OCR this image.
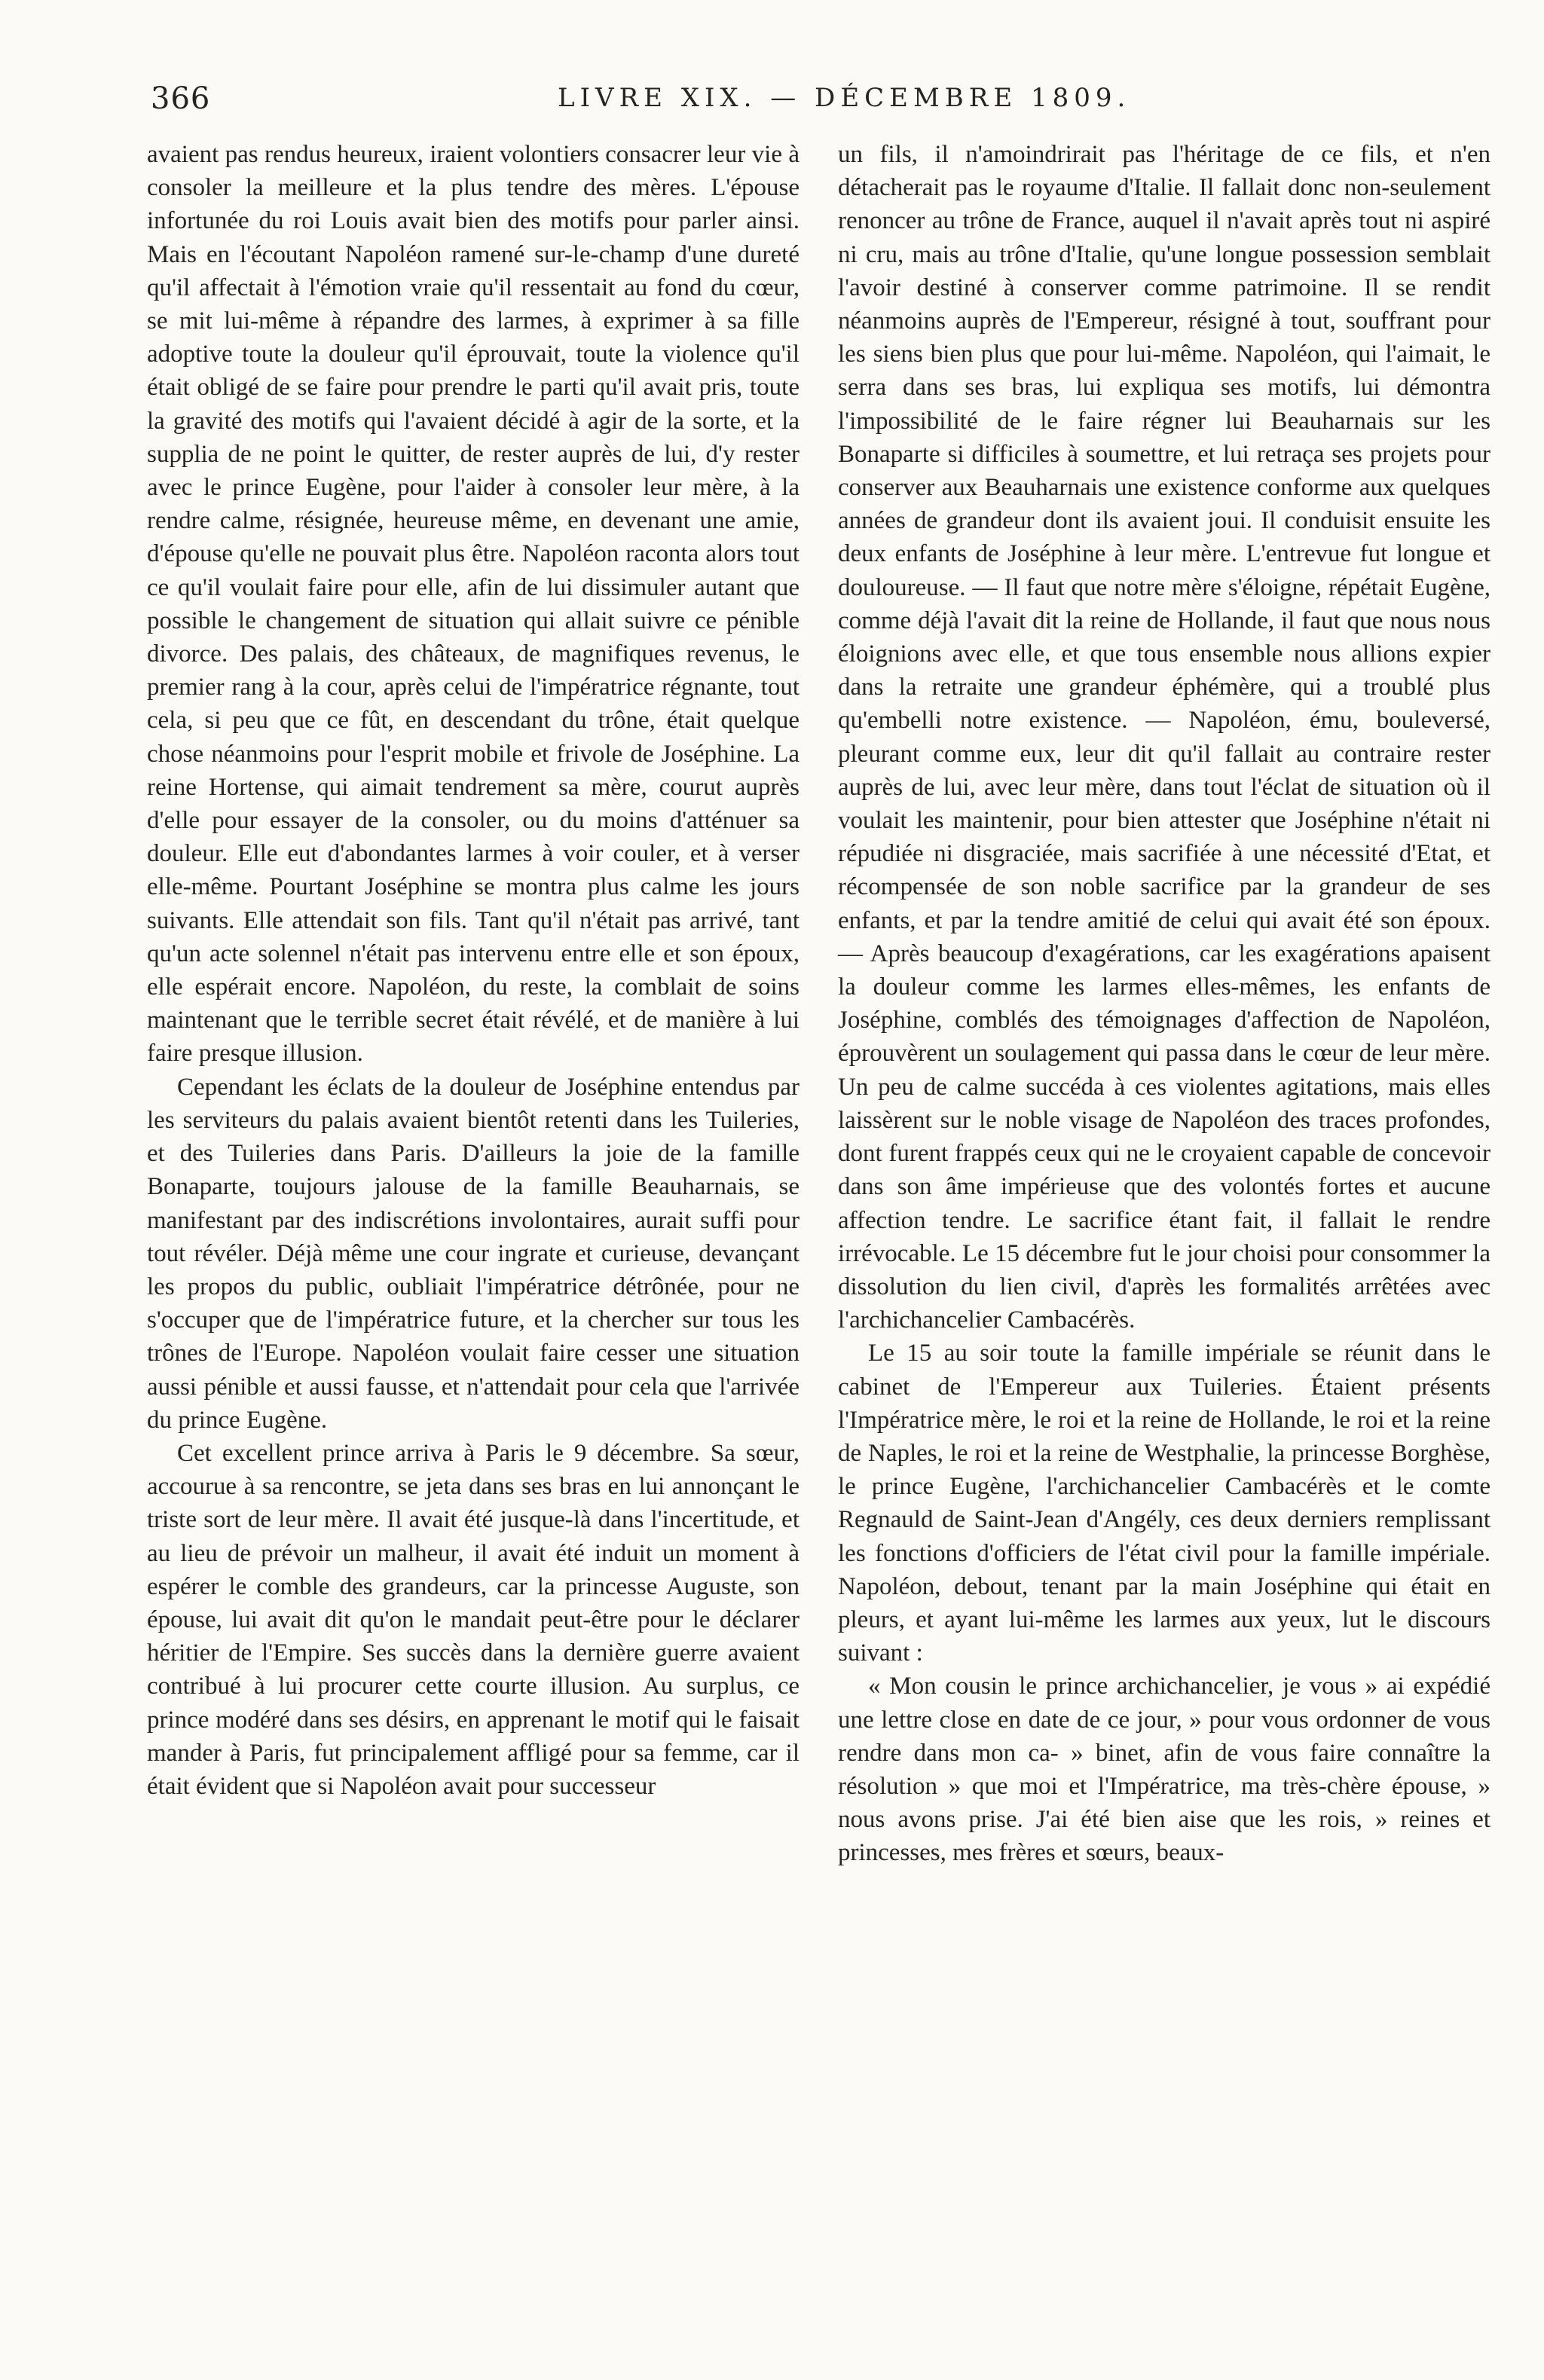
366	LIVRE XIX. — DÉCEMBRE 1809.

avaient pas rendus heureux, iraient volontiers consacrer leur vie à consoler la meilleure et la plus tendre des mères. L'épouse infortunée du roi Louis avait bien des motifs pour parler ainsi. Mais en l'écoutant Napoléon ramené sur-le-champ d'une dureté qu'il affectait à l'émotion vraie qu'il ressentait au fond du cœur, se mit lui-même à répandre des larmes, à exprimer à sa fille adoptive toute la douleur qu'il éprouvait, toute la violence qu'il était obligé de se faire pour prendre le parti qu'il avait pris, toute la gravité des motifs qui l'avaient décidé à agir de la sorte, et la supplia de ne point le quitter, de rester auprès de lui, d'y rester avec le prince Eugène, pour l'aider à consoler leur mère, à la rendre calme, résignée, heureuse même, en devenant une amie, d'épouse qu'elle ne pouvait plus être. Napoléon raconta alors tout ce qu'il voulait faire pour elle, afin de lui dissimuler autant que possible le changement de situation qui allait suivre ce pénible divorce. Des palais, des châteaux, de magnifiques revenus, le premier rang à la cour, après celui de l'impératrice régnante, tout cela, si peu que ce fût, en descendant du trône, était quelque chose néanmoins pour l'esprit mobile et frivole de Joséphine. La reine Hortense, qui aimait tendrement sa mère, courut auprès d'elle pour essayer de la consoler, ou du moins d'atténuer sa douleur. Elle eut d'abondantes larmes à voir couler, et à verser elle-même. Pourtant Joséphine se montra plus calme les jours suivants. Elle attendait son fils. Tant qu'il n'était pas arrivé, tant qu'un acte solennel n'était pas intervenu entre elle et son époux, elle espérait encore. Napoléon, du reste, la comblait de soins maintenant que le terrible secret était révélé, et de manière à lui faire presque illusion.

Cependant les éclats de la douleur de Joséphine entendus par les serviteurs du palais avaient bientôt retenti dans les Tuileries, et des Tuileries dans Paris. D'ailleurs la joie de la famille Bonaparte, toujours jalouse de la famille Beauharnais, se manifestant par des indiscrétions involontaires, aurait suffi pour tout révéler. Déjà même une cour ingrate et curieuse, devançant les propos du public, oubliait l'impératrice détrônée, pour ne s'occuper que de l'impératrice future, et la chercher sur tous les trônes de l'Europe. Napoléon voulait faire cesser une situation aussi pénible et aussi fausse, et n'attendait pour cela que l'arrivée du prince Eugène.

Cet excellent prince arriva à Paris le 9 décembre. Sa sœur, accourue à sa rencontre, se jeta dans ses bras en lui annonçant le triste sort de leur mère. Il avait été jusque-là dans l'incertitude, et au lieu de prévoir un malheur, il avait été induit un moment à espérer le comble des grandeurs, car la princesse Auguste, son épouse, lui avait dit qu'on le mandait peut-être pour le déclarer héritier de l'Empire. Ses succès dans la dernière guerre avaient contribué à lui procurer cette courte illusion. Au surplus, ce prince modéré dans ses désirs, en apprenant le motif qui le faisait mander à Paris, fut principalement affligé pour sa femme, car il était évident que si Napoléon avait pour successeur

un fils, il n'amoindrirait pas l'héritage de ce fils, et n'en détacherait pas le royaume d'Italie. Il fallait donc non-seulement renoncer au trône de France, auquel il n'avait après tout ni aspiré ni cru, mais au trône d'Italie, qu'une longue possession semblait l'avoir destiné à conserver comme patrimoine. Il se rendit néanmoins auprès de l'Empereur, résigné à tout, souffrant pour les siens bien plus que pour lui-même. Napoléon, qui l'aimait, le serra dans ses bras, lui expliqua ses motifs, lui démontra l'impossibilité de le faire régner lui Beauharnais sur les Bonaparte si difficiles à soumettre, et lui retraça ses projets pour conserver aux Beauharnais une existence conforme aux quelques années de grandeur dont ils avaient joui. Il conduisit ensuite les deux enfants de Joséphine à leur mère. L'entrevue fut longue et douloureuse. — Il faut que notre mère s'éloigne, répétait Eugène, comme déjà l'avait dit la reine de Hollande, il faut que nous nous éloignions avec elle, et que tous ensemble nous allions expier dans la retraite une grandeur éphémère, qui a troublé plus qu'embelli notre existence. — Napoléon, ému, bouleversé, pleurant comme eux, leur dit qu'il fallait au contraire rester auprès de lui, avec leur mère, dans tout l'éclat de situation où il voulait les maintenir, pour bien attester que Joséphine n'était ni répudiée ni disgraciée, mais sacrifiée à une nécessité d'Etat, et récompensée de son noble sacrifice par la grandeur de ses enfants, et par la tendre amitié de celui qui avait été son époux. — Après beaucoup d'exagérations, car les exagérations apaisent la douleur comme les larmes elles-mêmes, les enfants de Joséphine, comblés des témoignages d'affection de Napoléon, éprouvèrent un soulagement qui passa dans le cœur de leur mère. Un peu de calme succéda à ces violentes agitations, mais elles laissèrent sur le noble visage de Napoléon des traces profondes, dont furent frappés ceux qui ne le croyaient capable de concevoir dans son âme impérieuse que des volontés fortes et aucune affection tendre. Le sacrifice étant fait, il fallait le rendre irrévocable. Le 15 décembre fut le jour choisi pour consommer la dissolution du lien civil, d'après les formalités arrêtées avec l'archichancelier Cambacérès.

Le 15 au soir toute la famille impériale se réunit dans le cabinet de l'Empereur aux Tuileries. Étaient présents l'Impératrice mère, le roi et la reine de Hollande, le roi et la reine de Naples, le roi et la reine de Westphalie, la princesse Borghèse, le prince Eugène, l'archichancelier Cambacérès et le comte Regnauld de Saint-Jean d'Angély, ces deux derniers remplissant les fonctions d'officiers de l'état civil pour la famille impériale. Napoléon, debout, tenant par la main Joséphine qui était en pleurs, et ayant lui-même les larmes aux yeux, lut le discours suivant :

« Mon cousin le prince archichancelier, je vous » ai expédié une lettre close en date de ce jour, » pour vous ordonner de vous rendre dans mon ca- » binet, afin de vous faire connaître la résolution » que moi et l'Impératrice, ma très-chère épouse, » nous avons prise. J'ai été bien aise que les rois, » reines et princesses, mes frères et sœurs, beaux-
